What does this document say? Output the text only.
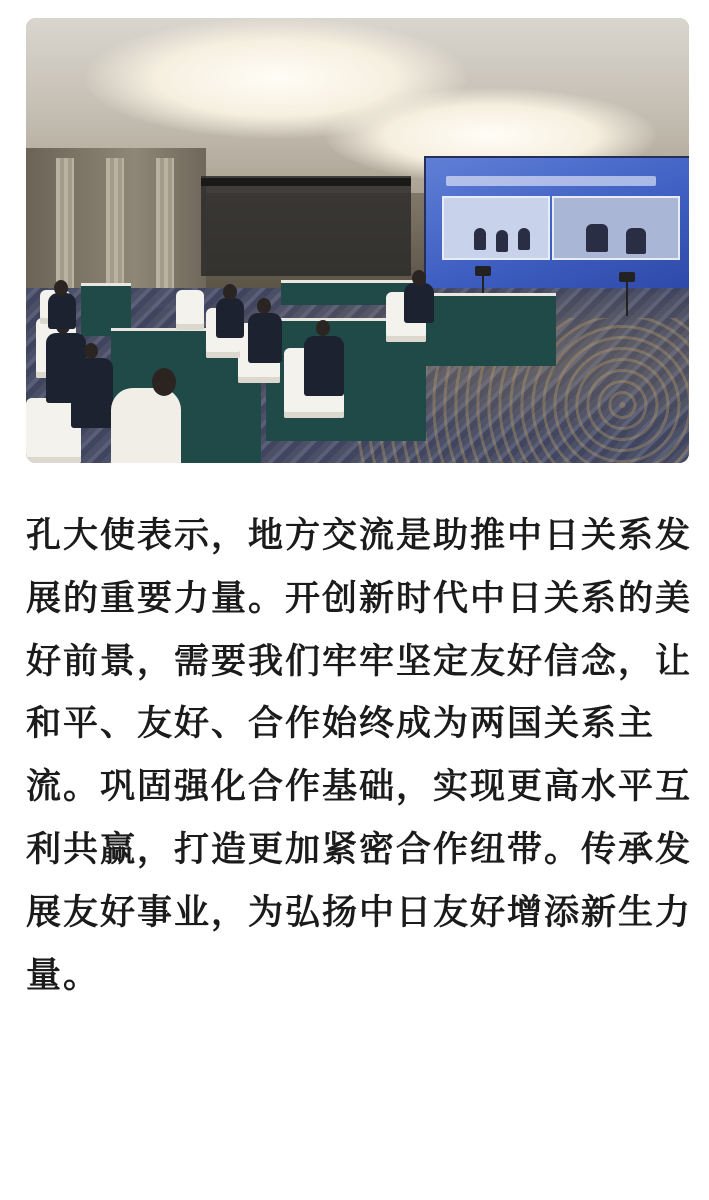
孔大使表示，地方交流是助推中日关系发展的重要力量。开创新时代中日关系的美好前景，需要我们牢牢坚定友好信念，让和平、友好、合作始终成为两国关系主流。巩固强化合作基础，实现更高水平互利共赢，打造更加紧密合作纽带。传承发展友好事业，为弘扬中日友好增添新生力量。
